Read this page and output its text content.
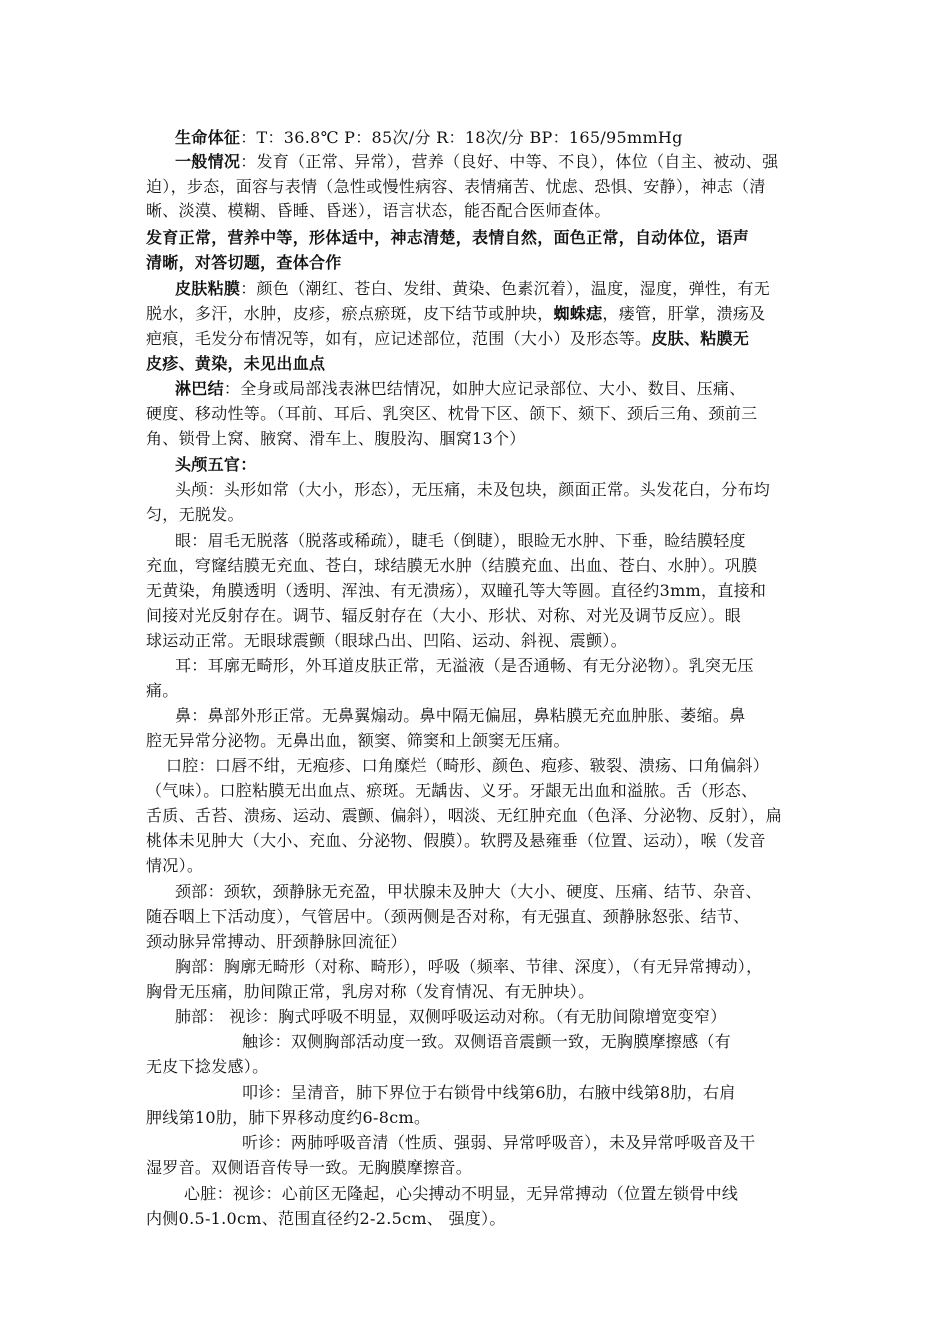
生命体征：T：36.8℃ P：85次/分 R：18次/分 BP：165/95mmHg
一般情况：发育（正常、异常），营养（良好、中等、不良），体位（自主、被动、强
迫），步态，面容与表情（急性或慢性病容、表情痛苦、忧虑、恐惧、安静），神志（清
晰、淡漠、模糊、昏睡、昏迷），语言状态，能否配合医师查体。
发育正常，营养中等，形体适中，神志清楚，表情自然，面色正常，自动体位，语声
清晰，对答切题，查体合作
皮肤粘膜：颜色（潮红、苍白、发绀、黄染、色素沉着），温度，湿度，弹性，有无
脱水，多汗，水肿，皮疹，瘀点瘀斑，皮下结节或肿块，蜘蛛痣，瘘管，肝掌，溃疡及
疤痕，毛发分布情况等，如有，应记述部位，范围（大小）及形态等。皮肤、粘膜无
皮疹、黄染，未见出血点
淋巴结：全身或局部浅表淋巴结情况，如肿大应记录部位、大小、数目、压痛、
硬度、移动性等。（耳前、耳后、乳突区、枕骨下区、颌下、颏下、颈后三角、颈前三
角、锁骨上窝、腋窝、滑车上、腹股沟、腘窝13个）
头颅五官：
头颅：头形如常（大小，形态），无压痛，未及包块，颜面正常。头发花白，分布均
匀，无脱发。
眼：眉毛无脱落（脱落或稀疏），睫毛（倒睫），眼睑无水肿、下垂，睑结膜轻度
充血，穹窿结膜无充血、苍白，球结膜无水肿（结膜充血、出血、苍白、水肿）。巩膜
无黄染，角膜透明（透明、浑浊、有无溃疡），双瞳孔等大等圆。直径约3mm，直接和
间接对光反射存在。调节、辐反射存在（大小、形状、对称、对光及调节反应）。眼
球运动正常。无眼球震颤（眼球凸出、凹陷、运动、斜视、震颤）。
耳：耳廓无畸形，外耳道皮肤正常，无溢液（是否通畅、有无分泌物）。乳突无压
痛。
鼻：鼻部外形正常。无鼻翼煽动。鼻中隔无偏屈，鼻粘膜无充血肿胀、萎缩。鼻
腔无异常分泌物。无鼻出血，额窦、筛窦和上颌窦无压痛。
口腔：口唇不绀，无疱疹、口角糜烂（畸形、颜色、疱疹、皲裂、溃疡、口角偏斜）
（气味）。口腔粘膜无出血点、瘀斑。无龋齿、义牙。牙龈无出血和溢脓。舌（形态、
舌质、舌苔、溃疡、运动、震颤、偏斜），咽淡、无红肿充血（色泽、分泌物、反射），扁
桃体未见肿大（大小、充血、分泌物、假膜）。软腭及悬雍垂（位置、运动），喉（发音
情况）。
颈部：颈软，颈静脉无充盈，甲状腺未及肿大（大小、硬度、压痛、结节、杂音、
随吞咽上下活动度），气管居中。（颈两侧是否对称，有无强直、颈静脉怒张、结节、
颈动脉异常搏动、肝颈静脉回流征）
胸部：胸廓无畸形（对称、畸形），呼吸（频率、节律、深度），（有无异常搏动），
胸骨无压痛，肋间隙正常，乳房对称（发育情况、有无肿块）。
肺部： 视诊：胸式呼吸不明显，双侧呼吸运动对称。（有无肋间隙增宽变窄）
触诊：双侧胸部活动度一致。双侧语音震颤一致，无胸膜摩擦感（有
无皮下捻发感）。
叩诊：呈清音，肺下界位于右锁骨中线第6肋，右腋中线第8肋，右肩
胛线第10肋，肺下界移动度约6-8cm。
听诊：两肺呼吸音清（性质、强弱、异常呼吸音），未及异常呼吸音及干
湿罗音。双侧语音传导一致。无胸膜摩擦音。
心脏：视诊：心前区无隆起，心尖搏动不明显，无异常搏动（位置左锁骨中线
内侧0.5-1.0cm、范围直径约2-2.5cm、 强度）。
